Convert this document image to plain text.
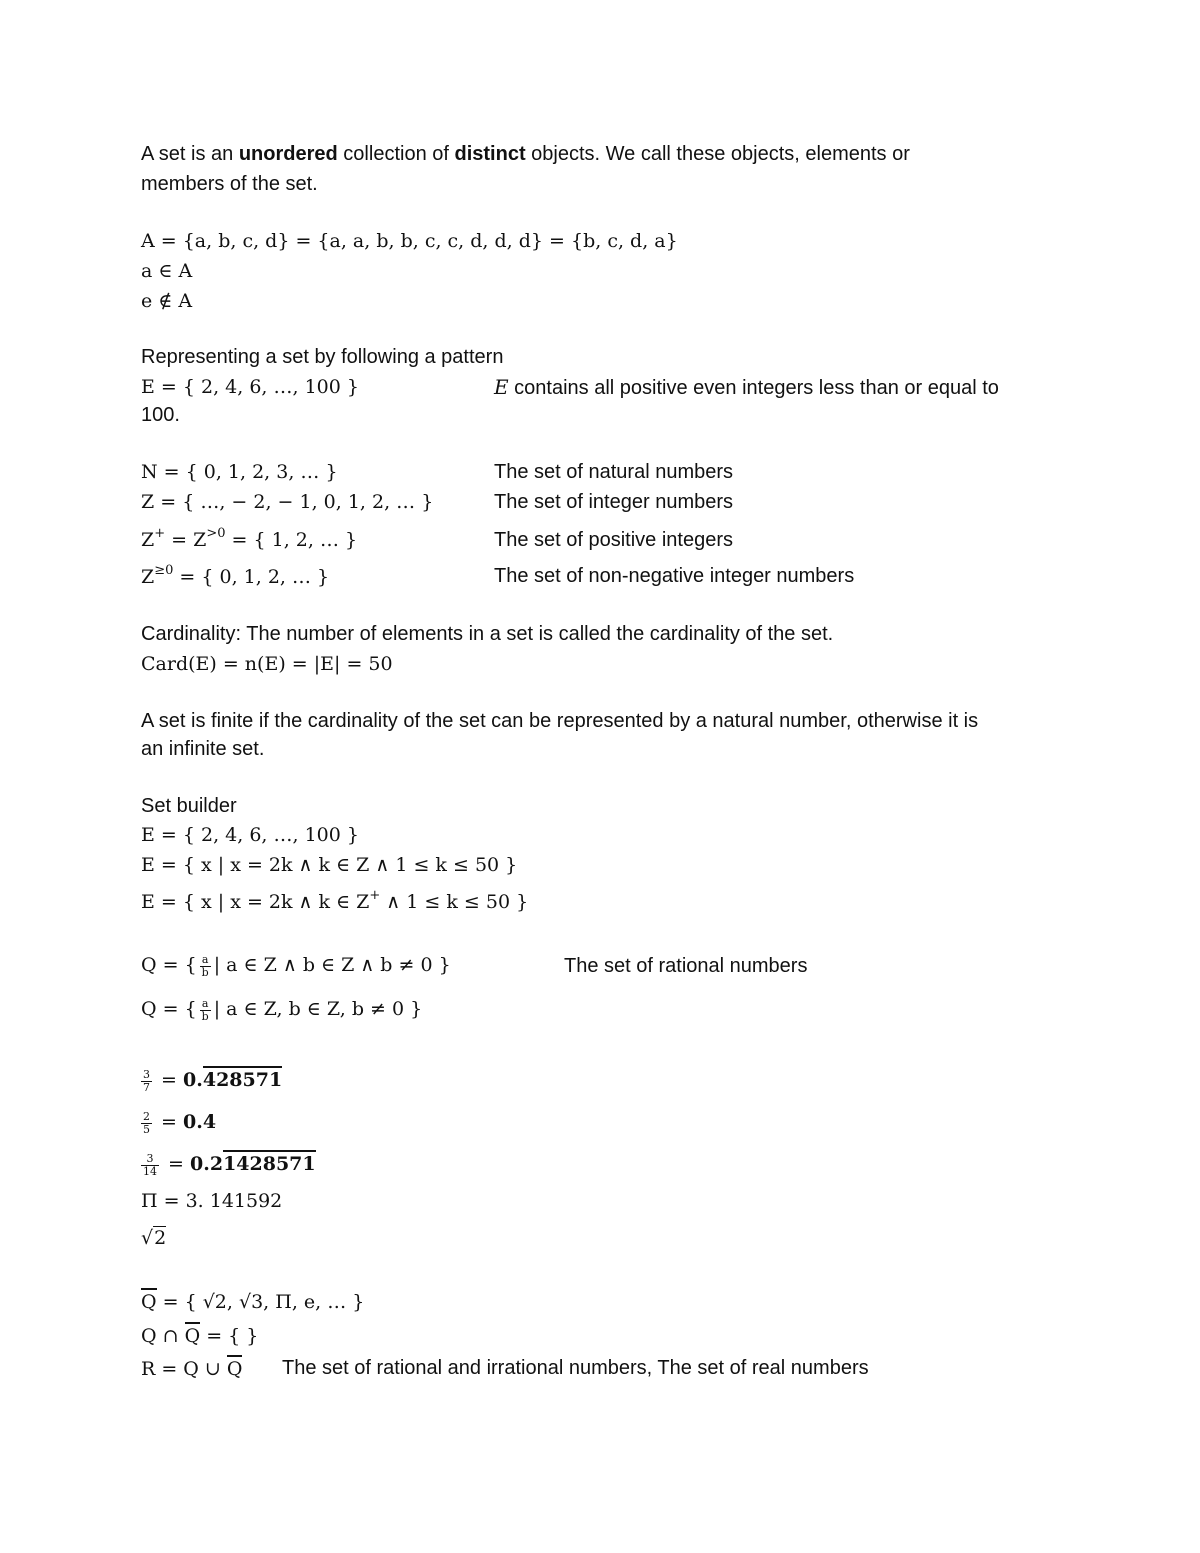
A set is an unordered collection of distinct objects. We call these objects, elements or
members of the set.
A = {a, b, c, d} = {a, a, b, b, c, c, d, d, d} = {b, c, d, a}
a ∈ A
e ∉ A
Representing a set by following a pattern
E = { 2, 4, 6, …, 100 }	E contains all positive even integers less than or equal to
100.
N = { 0, 1, 2, 3, … }	The set of natural numbers
Z = { …, − 2, − 1, 0, 1, 2, … }	The set of integer numbers
$Z^+ = Z^{>0}$ = { 1, 2, … }	The set of positive integers
$Z^{\ge 0}$ = { 0, 1, 2, … }	The set of non-negative integer numbers
Cardinality: The number of elements in a set is called the cardinality of the set.
Card(E) = n(E) = |E| = 50
A set is finite if the cardinality of the set can be represented by a natural number, otherwise it is
an infinite set.
Set builder
E = { 2, 4, 6, …, 100 }
E = { x | x = 2k ∧ k ∈ Z ∧ 1 ≤ k ≤ 50 }
E = { x | x = 2k ∧ k ∈ Z+ ∧ 1 ≤ k ≤ 50 }
Q = { $\frac{a}{b}$ | a ∈ Z ∧ b ∈ Z ∧ b ≠ 0 }	The set of rational numbers
Q = { $\frac{a}{b}$ | a ∈ Z, b ∈ Z, b ≠ 0 }
$\frac{3}{7} = 0.428571$
$\frac{2}{5} = 0.4$
$\frac{3}{14} = 0.21428571$
Π = 3. 141592
√2
Q = { √2, √3, Π, e, … }
Q ∩ Q = { }
R = Q ∪ Q The set of rational and irrational numbers, The set of real numbers
